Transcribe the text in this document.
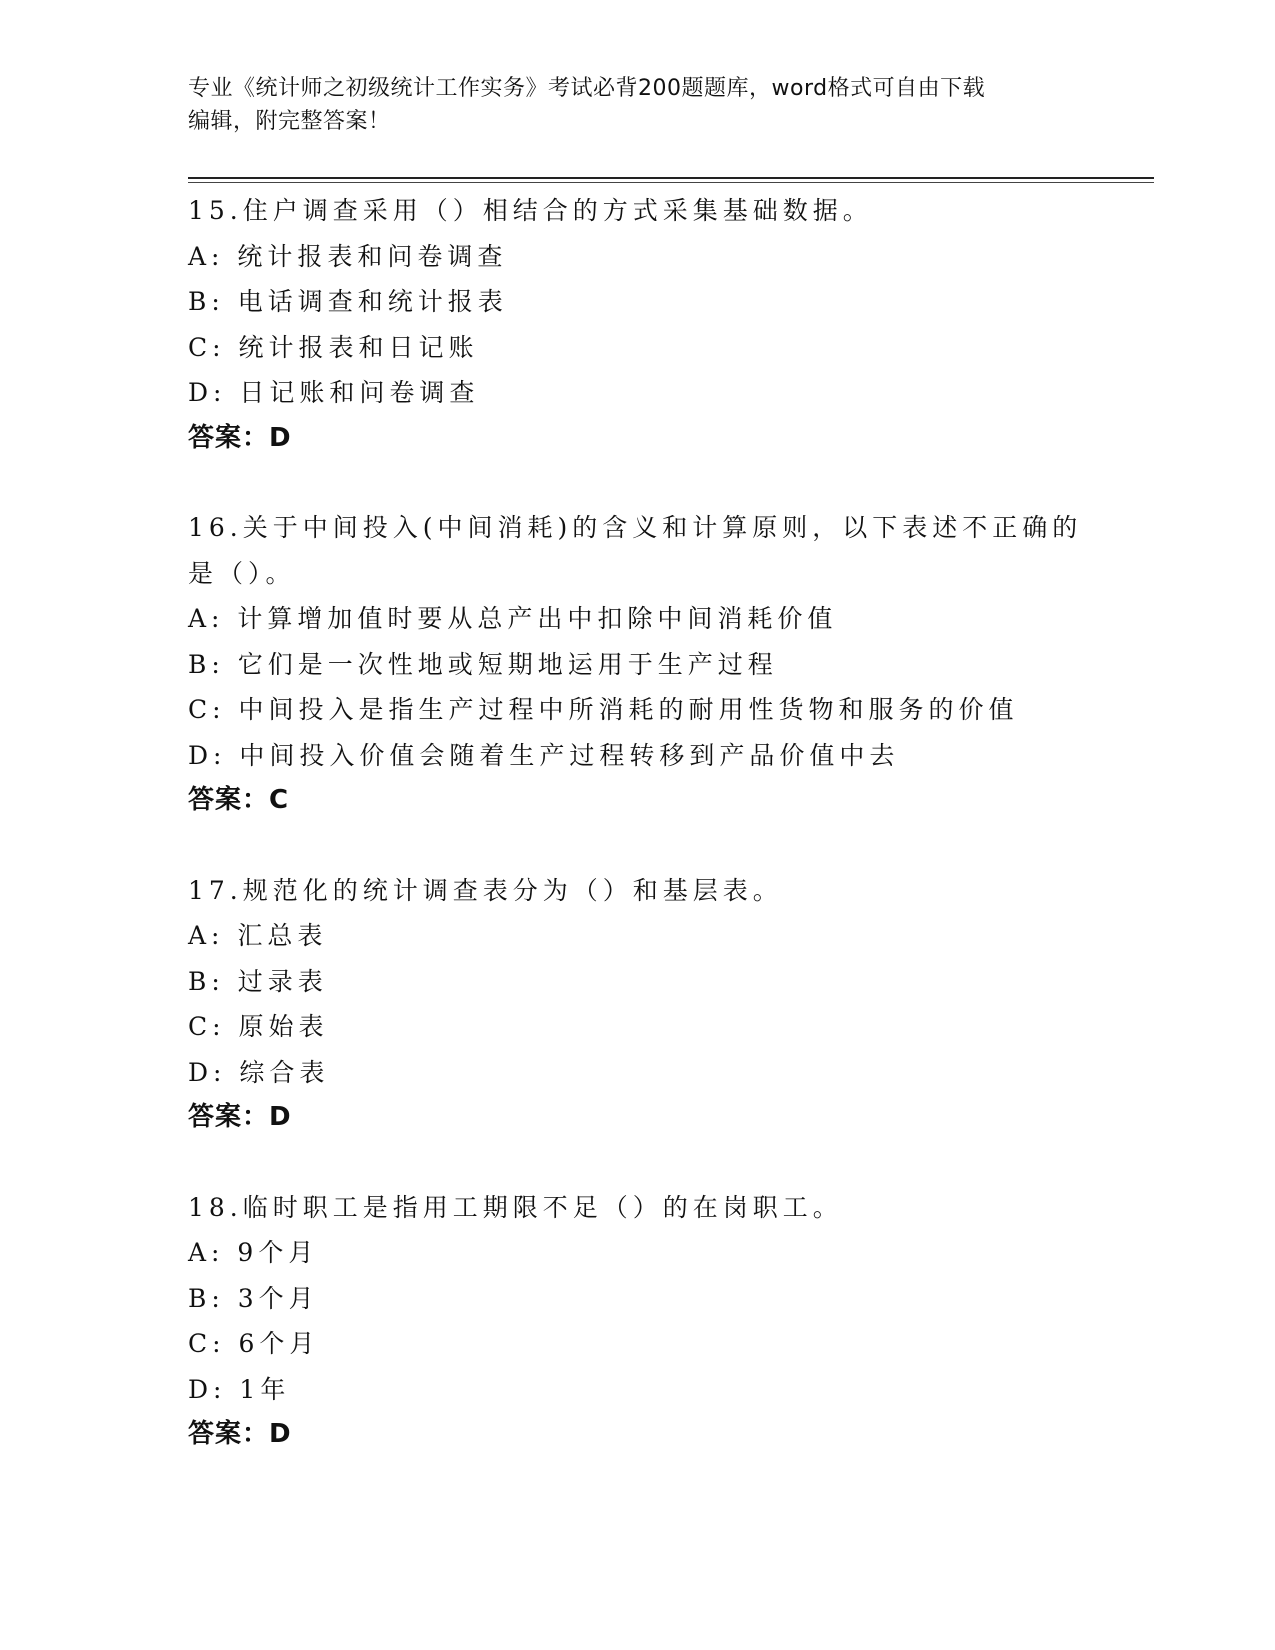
专业《统计师之初级统计工作实务》考试必背200题题库，word格式可自由下载
编辑，附完整答案！
15.住户调查采用（）相结合的方式采集基础数据。
A: 统计报表和问卷调查
B: 电话调查和统计报表
C: 统计报表和日记账
D: 日记账和问卷调查
答案：D
16.关于中间投入(中间消耗)的含义和计算原则，以下表述不正确的是（）。
A: 计算增加值时要从总产出中扣除中间消耗价值
B: 它们是一次性地或短期地运用于生产过程
C: 中间投入是指生产过程中所消耗的耐用性货物和服务的价值
D: 中间投入价值会随着生产过程转移到产品价值中去
答案：C
17.规范化的统计调查表分为（）和基层表。
A: 汇总表
B: 过录表
C: 原始表
D: 综合表
答案：D
18.临时职工是指用工期限不足（）的在岗职工。
A: 9个月
B: 3个月
C: 6个月
D: 1年
答案：D
